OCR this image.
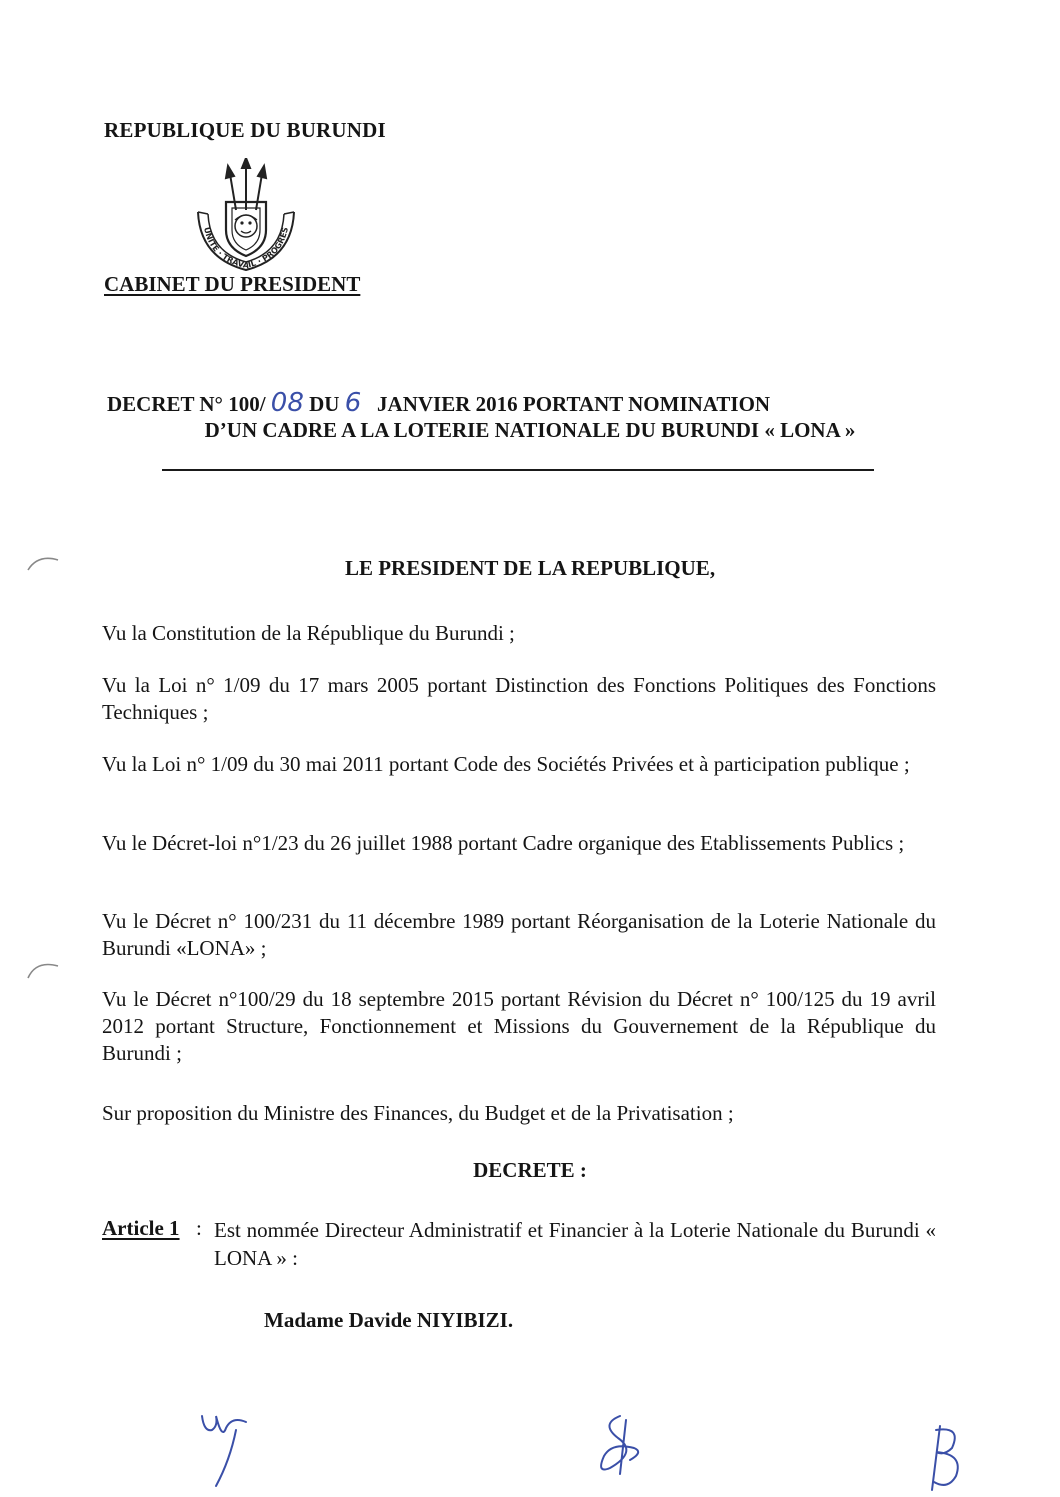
REPUBLIQUE DU BURUNDI
UNITE · TRAVAIL · PROGRES
CABINET DU PRESIDENT
DECRET N° 100/ 08 DU 6 JANVIER 2016 PORTANT NOMINATION
D’UN CADRE A LA LOTERIE NATIONALE DU BURUNDI « LONA »
LE PRESIDENT DE LA REPUBLIQUE,
Vu la Constitution de la République du Burundi ;
Vu la Loi n° 1/09 du 17 mars 2005 portant Distinction des Fonctions Politiques des Fonctions Techniques ;
Vu la Loi n° 1/09 du 30 mai 2011 portant Code des Sociétés Privées et à participation publique ;
Vu le Décret-loi n°1/23 du 26 juillet 1988 portant Cadre organique des Etablissements Publics ;
Vu le Décret n° 100/231 du 11 décembre 1989 portant Réorganisation de la Loterie Nationale du Burundi «LONA» ;
Vu le Décret n°100/29 du 18 septembre 2015 portant Révision du Décret n° 100/125 du 19 avril 2012 portant Structure, Fonctionnement et Missions du Gouvernement de la République du Burundi ;
Sur proposition du Ministre des Finances, du Budget et de la Privatisation ;
DECRETE :
Article 1 : Est nommée Directeur Administratif et Financier à la Loterie Nationale du Burundi « LONA » :
Madame Davide NIYIBIZI.
